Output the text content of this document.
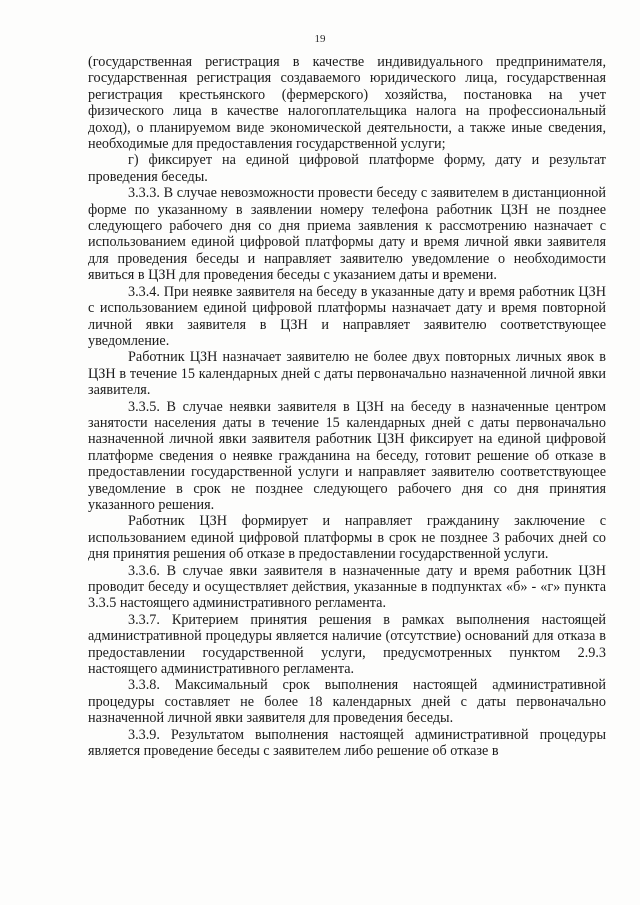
19

(государственная регистрация в качестве индивидуального предпринимателя, государственная регистрация создаваемого юридического лица, государственная регистрация крестьянского (фермерского) хозяйства, постановка на учет физического лица в качестве налогоплательщика налога на профессиональный доход), о планируемом виде экономической деятельности, а также иные сведения, необходимые для предоставления государственной услуги;

г) фиксирует на единой цифровой платформе форму, дату и результат проведения беседы.

3.3.3. В случае невозможности провести беседу с заявителем в дистанционной форме по указанному в заявлении номеру телефона работник ЦЗН не позднее следующего рабочего дня со дня приема заявления к рассмотрению назначает с использованием единой цифровой платформы дату и время личной явки заявителя для проведения беседы и направляет заявителю уведомление о необходимости явиться в ЦЗН для проведения беседы с указанием даты и времени.

3.3.4. При неявке заявителя на беседу в указанные дату и время работник ЦЗН с использованием единой цифровой платформы назначает дату и время повторной личной явки заявителя в ЦЗН и направляет заявителю соответствующее уведомление.

Работник ЦЗН назначает заявителю не более двух повторных личных явок в ЦЗН в течение 15 календарных дней с даты первоначально назначенной личной явки заявителя.

3.3.5. В случае неявки заявителя в ЦЗН на беседу в назначенные центром занятости населения даты в течение 15 календарных дней с даты первоначально назначенной личной явки заявителя работник ЦЗН фиксирует на единой цифровой платформе сведения о неявке гражданина на беседу, готовит решение об отказе в предоставлении государственной услуги и направляет заявителю соответствующее уведомление в срок не позднее следующего рабочего дня со дня принятия указанного решения.

Работник ЦЗН формирует и направляет гражданину заключение с использованием единой цифровой платформы в срок не позднее 3 рабочих дней со дня принятия решения об отказе в предоставлении государственной услуги.

3.3.6. В случае явки заявителя в назначенные дату и время работник ЦЗН проводит беседу и осуществляет действия, указанные в подпунктах «б» - «г» пункта 3.3.5 настоящего административного регламента.

3.3.7. Критерием принятия решения в рамках выполнения настоящей административной процедуры является наличие (отсутствие) оснований для отказа в предоставлении государственной услуги, предусмотренных пунктом 2.9.3 настоящего административного регламента.

3.3.8. Максимальный срок выполнения настоящей административной процедуры составляет не более 18 календарных дней с даты первоначально назначенной личной явки заявителя для проведения беседы.

3.3.9. Результатом выполнения настоящей административной процедуры является проведение беседы с заявителем либо решение об отказе в
